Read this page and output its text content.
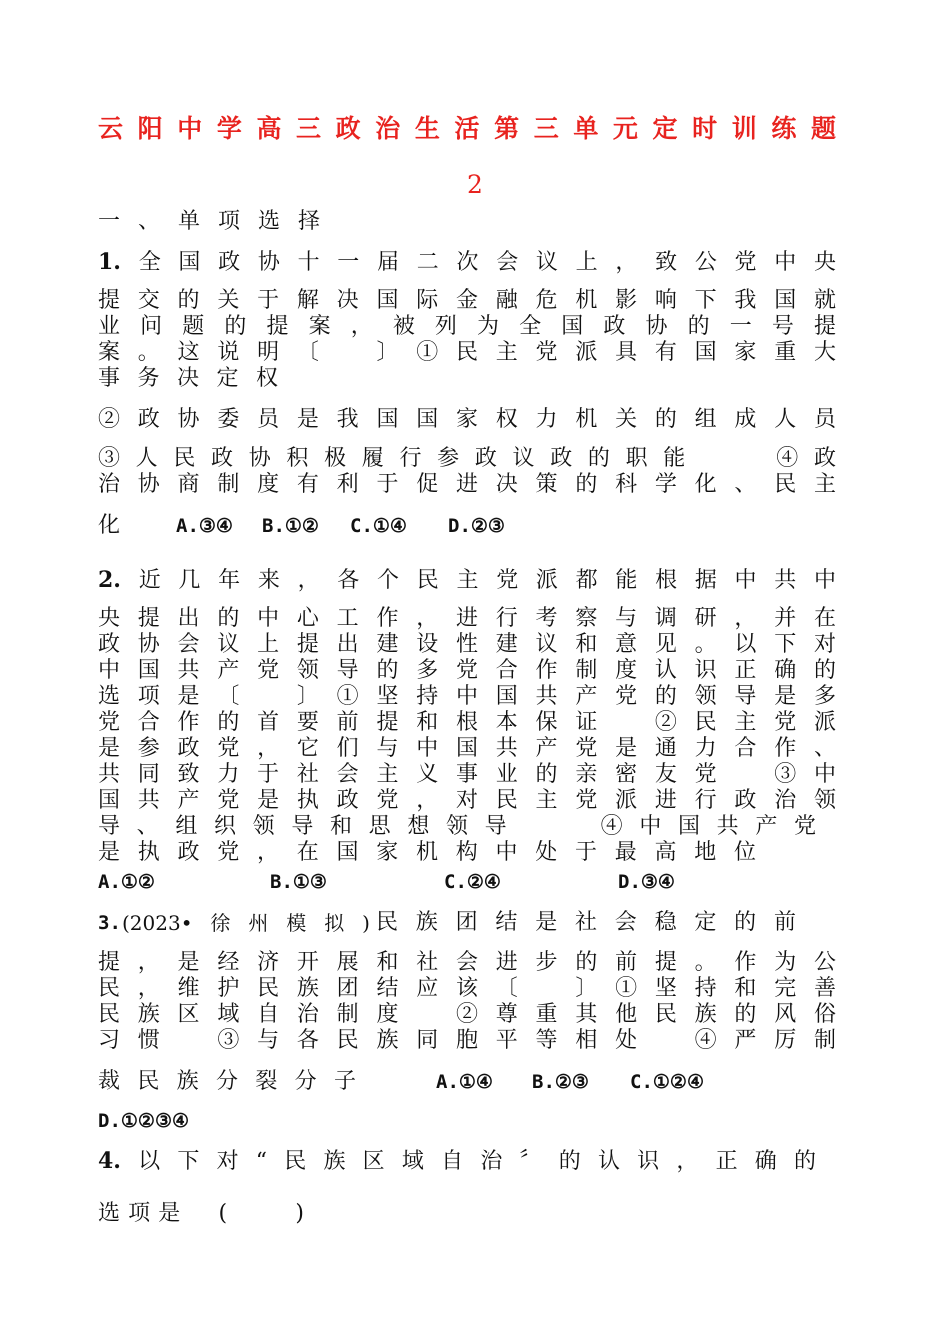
云阳中学高三政治生活第三单元定时训练题
2

一、单项选择

1.全国政协十一届二次会议上，致公党中央

提交的关于解决国际金融危机影响下我国就

业问题的提案，被列为全国政协的一号提

案。这说明〔　〕①民主党派具有国家重大

事务决定权

②政协委员是我国国家权力机关的组成人员

③人民政协积极履行参政议政的职能　　④政

治协商制度有利于促进决策的科学化、民主

化	A.③④ B.①② C.①④ D.②③

2.近几年来，各个民主党派都能根据中共中

央提出的中心工作，进行考察与调研，并在

政协会议上提出建设性建议和意见。以下对

中国共产党领导的多党合作制度认识正确的

选项是〔　〕①坚持中国共产党的领导是多

党合作的首要前提和根本保证　②民主党派

是参政党，它们与中国共产党是通力合作、

共同致力于社会主义事业的亲密友党　③中

国共产党是执政党，对民主党派进行政治领

导、组织领导和思想领导　　④中国共产党

是执政党，在国家机构中处于最高地位

A.①②	B.①③	C.②④	D.③④
3. (2023•徐州模拟) 民族团结是社会稳定的前

提，是经济开展和社会进步的前提。作为公

民，维护民族团结应该〔　〕①坚持和完善

民族区域自治制度　②尊重其他民族的风俗

习惯　③与各民族同胞平等相处　④严厉制

裁民族分裂分子	A.①④ B.②③ C.①②④
D.①②③④

4.以下对“民族区域自治〞的认识，正确的

选项是　(　　)
